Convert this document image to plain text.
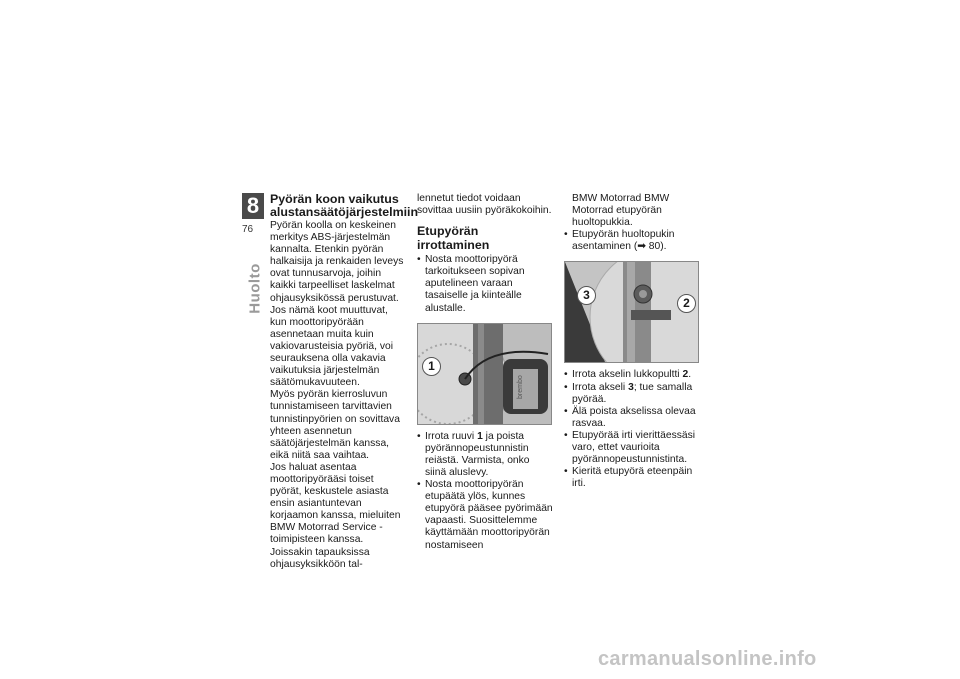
8
76
Huolto
Pyörän koon vaikutus alustansäätöjärjestelmiin

Pyörän koolla on keskeinen merkitys ABS-järjestelmän kannalta. Etenkin pyörän halkaisija ja renkaiden leveys ovat tunnusarvoja, joihin kaikki tarpeelliset laskelmat ohjausyksikössä perustuvat. Jos nämä koot muuttuvat, kun moottoripyörään asennetaan muita kuin vakiovarusteisia pyöriä, voi seurauksena olla vakavia vaikutuksia järjestelmän säätömukavuuteen.

Myös pyörän kierrosluvun tunnistamiseen tarvittavien tunnistinpyörien on sovittava yhteen asennetun säätöjärjestelmän kanssa, eikä niitä saa vaihtaa.

Jos haluat asentaa moottoripyörääsi toiset pyörät, keskustele asiasta ensin asiantuntevan korjaamon kanssa, mieluiten BMW Motorrad Service -toimipisteen kanssa. Joissakin tapauksissa ohjausyksikköön tal-

lennetut tiedot voidaan sovittaa uusiin pyöräkokoihin.

Etupyörän irrottaminen
• Nosta moottoripyörä tarkoitukseen sopivan aputelineen varaan tasaiselle ja kiinteälle alustalle.
brembo
1
• Irrota ruuvi 1 ja poista pyörännopeustunnistin reiästä. Varmista, onko siinä aluslevy.
• Nosta moottoripyörän etupäätä ylös, kunnes etupyörä pääsee pyörimään vapaasti. Suosittelemme käyttämään moottoripyörän nostamiseen

BMW Motorrad BMW Motorrad etupyörän huoltopukkia.

• Etupyörän huoltopukin asentaminen (➡ 80).
3
2
• Irrota akselin lukkopultti 2.
• Irrota akseli 3; tue samalla pyörää.
• Älä poista akselissa olevaa rasvaa.
• Etupyörää irti vierittäessäsi varo, ettet vaurioita pyörännopeustunnistinta.
• Kieritä etupyörä eteenpäin irti.
carmanualsonline.info
